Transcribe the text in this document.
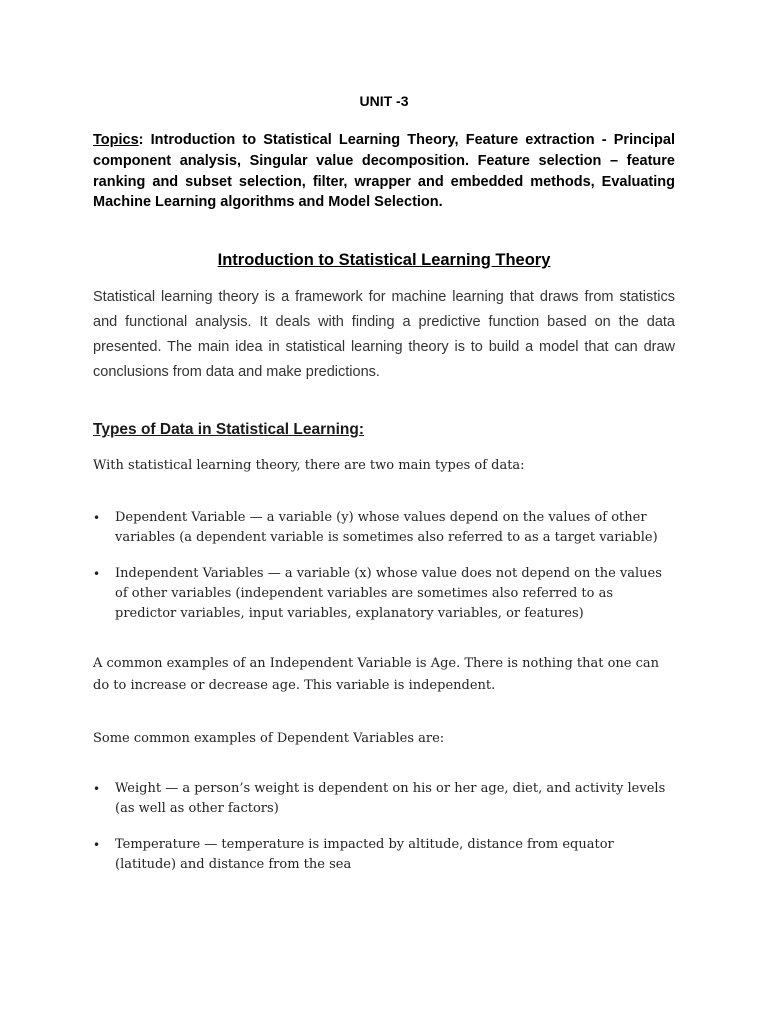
UNIT -3

Topics: Introduction to Statistical Learning Theory, Feature extraction - Principal component analysis, Singular value decomposition. Feature selection – feature ranking and subset selection, filter, wrapper and embedded methods, Evaluating Machine Learning algorithms and Model Selection.

Introduction to Statistical Learning Theory

Statistical learning theory is a framework for machine learning that draws from statistics and functional analysis. It deals with finding a predictive function based on the data presented. The main idea in statistical learning theory is to build a model that can draw conclusions from data and make predictions.

Types of Data in Statistical Learning:

With statistical learning theory, there are two main types of data:

• Dependent Variable — a variable (y) whose values depend on the values of other variables (a dependent variable is sometimes also referred to as a target variable)
• Independent Variables — a variable (x) whose value does not depend on the values of other variables (independent variables are sometimes also referred to as predictor variables, input variables, explanatory variables, or features)

A common examples of an Independent Variable is Age. There is nothing that one can do to increase or decrease age. This variable is independent.

Some common examples of Dependent Variables are:

• Weight — a person’s weight is dependent on his or her age, diet, and activity levels (as well as other factors)
• Temperature — temperature is impacted by altitude, distance from equator (latitude) and distance from the sea
